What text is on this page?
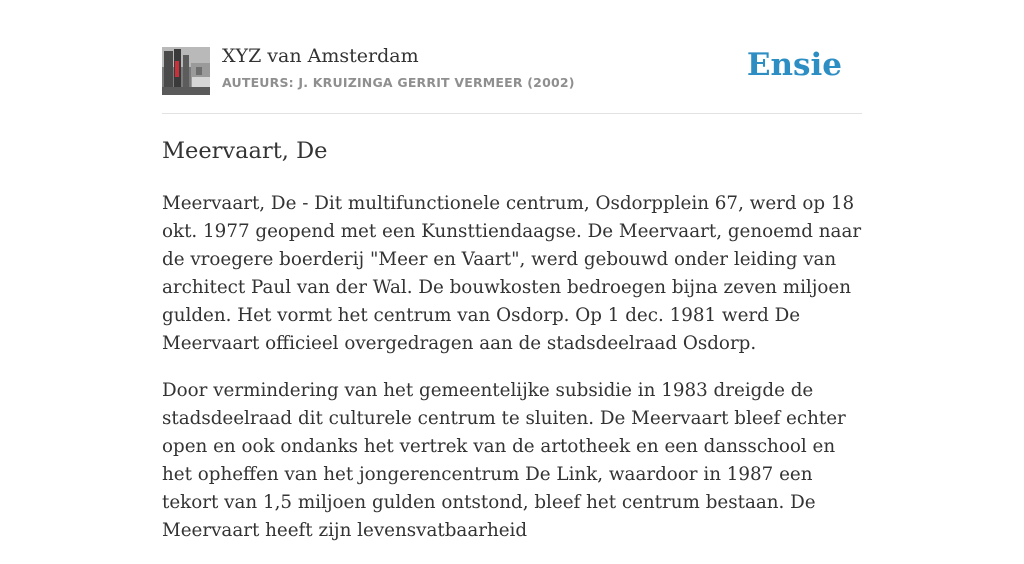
XYZ van Amsterdam
AUTEURS: J. KRUIZINGA GERRIT VERMEER (2002)	Ensie
Meervaart, De

Meervaart, De - Dit multifunctionele centrum, Osdorpplein 67, werd op 18 okt. 1977 geopend met een Kunsttiendaagse. De Meervaart, genoemd naar de vroegere boerderij "Meer en Vaart", werd gebouwd onder leiding van architect Paul van der Wal. De bouwkosten bedroegen bijna zeven miljoen gulden. Het vormt het centrum van Osdorp. Op 1 dec. 1981 werd De Meervaart officieel overgedragen aan de stadsdeelraad Osdorp.

Door vermindering van het gemeentelijke subsidie in 1983 dreigde de stadsdeelraad dit culturele centrum te sluiten. De Meervaart bleef echter open en ook ondanks het vertrek van de artotheek en een dansschool en het opheffen van het jongerencentrum De Link, waardoor in 1987 een tekort van 1,5 miljoen gulden ontstond, bleef het centrum bestaan. De Meervaart heeft zijn levensvatbaarheid
